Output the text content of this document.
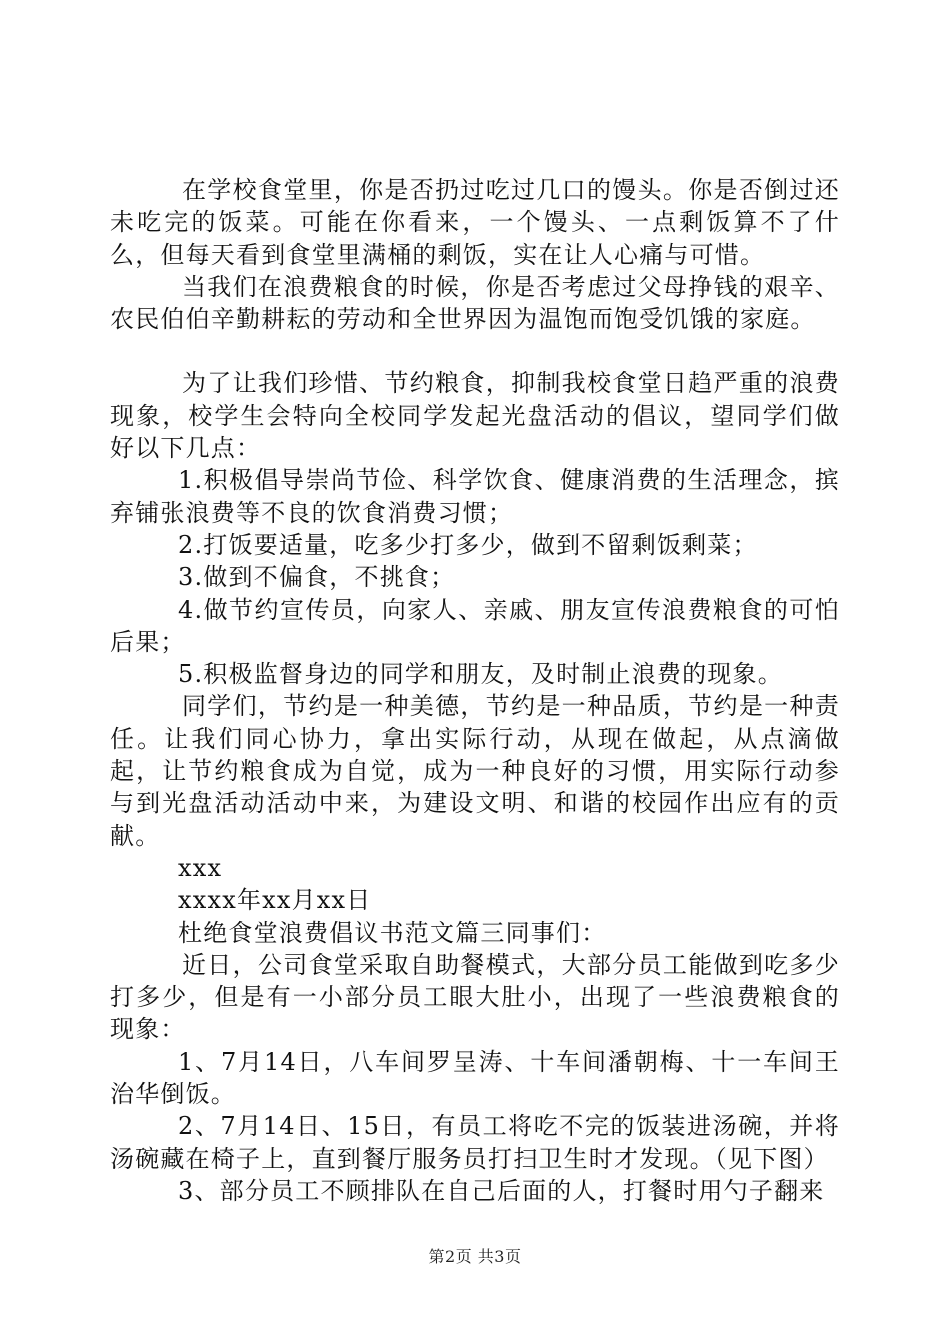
在学校食堂里，你是否扔过吃过几口的馒头。你是否倒过还未吃完的饭菜。可能在你看来，一个馒头、一点剩饭算不了什么，但每天看到食堂里满桶的剩饭，实在让人心痛与可惜。

当我们在浪费粮食的时候，你是否考虑过父母挣钱的艰辛、农民伯伯辛勤耕耘的劳动和全世界因为温饱而饱受饥饿的家庭。

为了让我们珍惜、节约粮食，抑制我校食堂日趋严重的浪费现象，校学生会特向全校同学发起光盘活动的倡议，望同学们做好以下几点：

1.积极倡导崇尚节俭、科学饮食、健康消费的生活理念，摈弃铺张浪费等不良的饮食消费习惯；

2.打饭要适量，吃多少打多少，做到不留剩饭剩菜；

3.做到不偏食，不挑食；

4.做节约宣传员，向家人、亲戚、朋友宣传浪费粮食的可怕后果；

5.积极监督身边的同学和朋友，及时制止浪费的现象。

同学们，节约是一种美德，节约是一种品质，节约是一种责任。让我们同心协力，拿出实际行动，从现在做起，从点滴做起，让节约粮食成为自觉，成为一种良好的习惯，用实际行动参与到光盘活动活动中来，为建设文明、和谐的校园作出应有的贡献。

xxx

xxxx年xx月xx日

杜绝食堂浪费倡议书范文篇三同事们：

近日，公司食堂采取自助餐模式，大部分员工能做到吃多少打多少，但是有一小部分员工眼大肚小，出现了一些浪费粮食的现象：

1、7月14日，八车间罗呈涛、十车间潘朝梅、十一车间王治华倒饭。

2、7月14日、15日，有员工将吃不完的饭装进汤碗，并将汤碗藏在椅子上，直到餐厅服务员打扫卫生时才发现。（见下图）

3、部分员工不顾排队在自己后面的人，打餐时用勺子翻来

第2页 共3页
